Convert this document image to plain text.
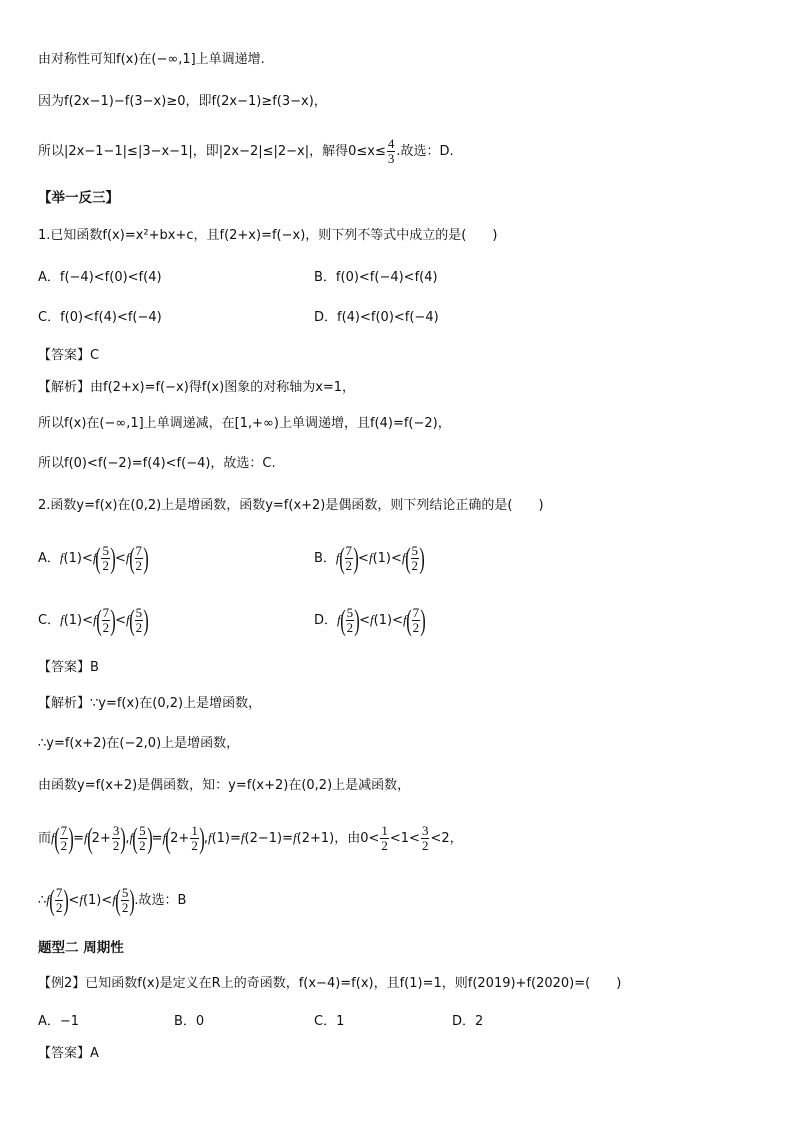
由对称性可知f(x)在(−∞,1]上单调递增.
因为f(2x−1)−f(3−x)≥0，即f(2x−1)≥f(3−x)，
所以|2x−1−1|≤|3−x−1|，即|2x−2|≤|2−x|，解得$0\le x\le \frac{4}{3}$ .故选：D.
【举一反三】
1.已知函数f(x)=x²+bx+c，且f(2+x)=f(−x)，则下列不等式中成立的是(　　)
A．f(−4)<f(0)<f(4)	B．f(0)<f(−4)<f(4)
C．f(0)<f(4)<f(−4)	D．f(4)<f(0)<f(−4)
【答案】C
【解析】由f(2+x)=f(−x)得f(x)图象的对称轴为x=1，
所以f(x)在(−∞,1]上单调递减，在[1,+∞)上单调递增，且f(4)=f(−2)，
所以f(0)<f(−2)=f(4)<f(−4)，故选：C.
2.函数y=f(x)在(0,2)上是增函数，函数y=f(x+2)是偶函数，则下列结论正确的是(　　)
A．$f(1)<f( \frac{5}{2} )<f( \frac{7}{2}$ )	B．$f( \frac{7}{2} )<f(1)<f( \frac{5}{2}$ )
C．$f(1)<f( \frac{7}{2} )<f( \frac{5}{2}$ )	D．$f( \frac{5}{2} )<f(1)<f( \frac{7}{2}$ )
【答案】B
【解析】∵y=f(x)在(0,2)上是增函数，
∴y=f(x+2)在(−2,0)上是增函数，
由函数y=f(x+2)是偶函数，知：y=f(x+2)在(0,2)上是减函数，
而$f( \frac{7}{2} )=f(2+ \frac{3}{2} ),f( \frac{5}{2} )=f(2+ \frac{1}{2} ),f(1)=f(2-1)=f(2+1)$，由$0< \frac{1}{2} <1< \frac{3}{2} <2$，
∴f( $\frac{7}{2} )<f(1)<f( \frac{5}{2}$ ).故选：B
题型二 周期性
【例2】已知函数f(x)是定义在R上的奇函数，f(x−4)=f(x)，且f(1)=1，则f(2019)+f(2020)=(　　)
A．−1	B．0	C．1	D．2
【答案】A
